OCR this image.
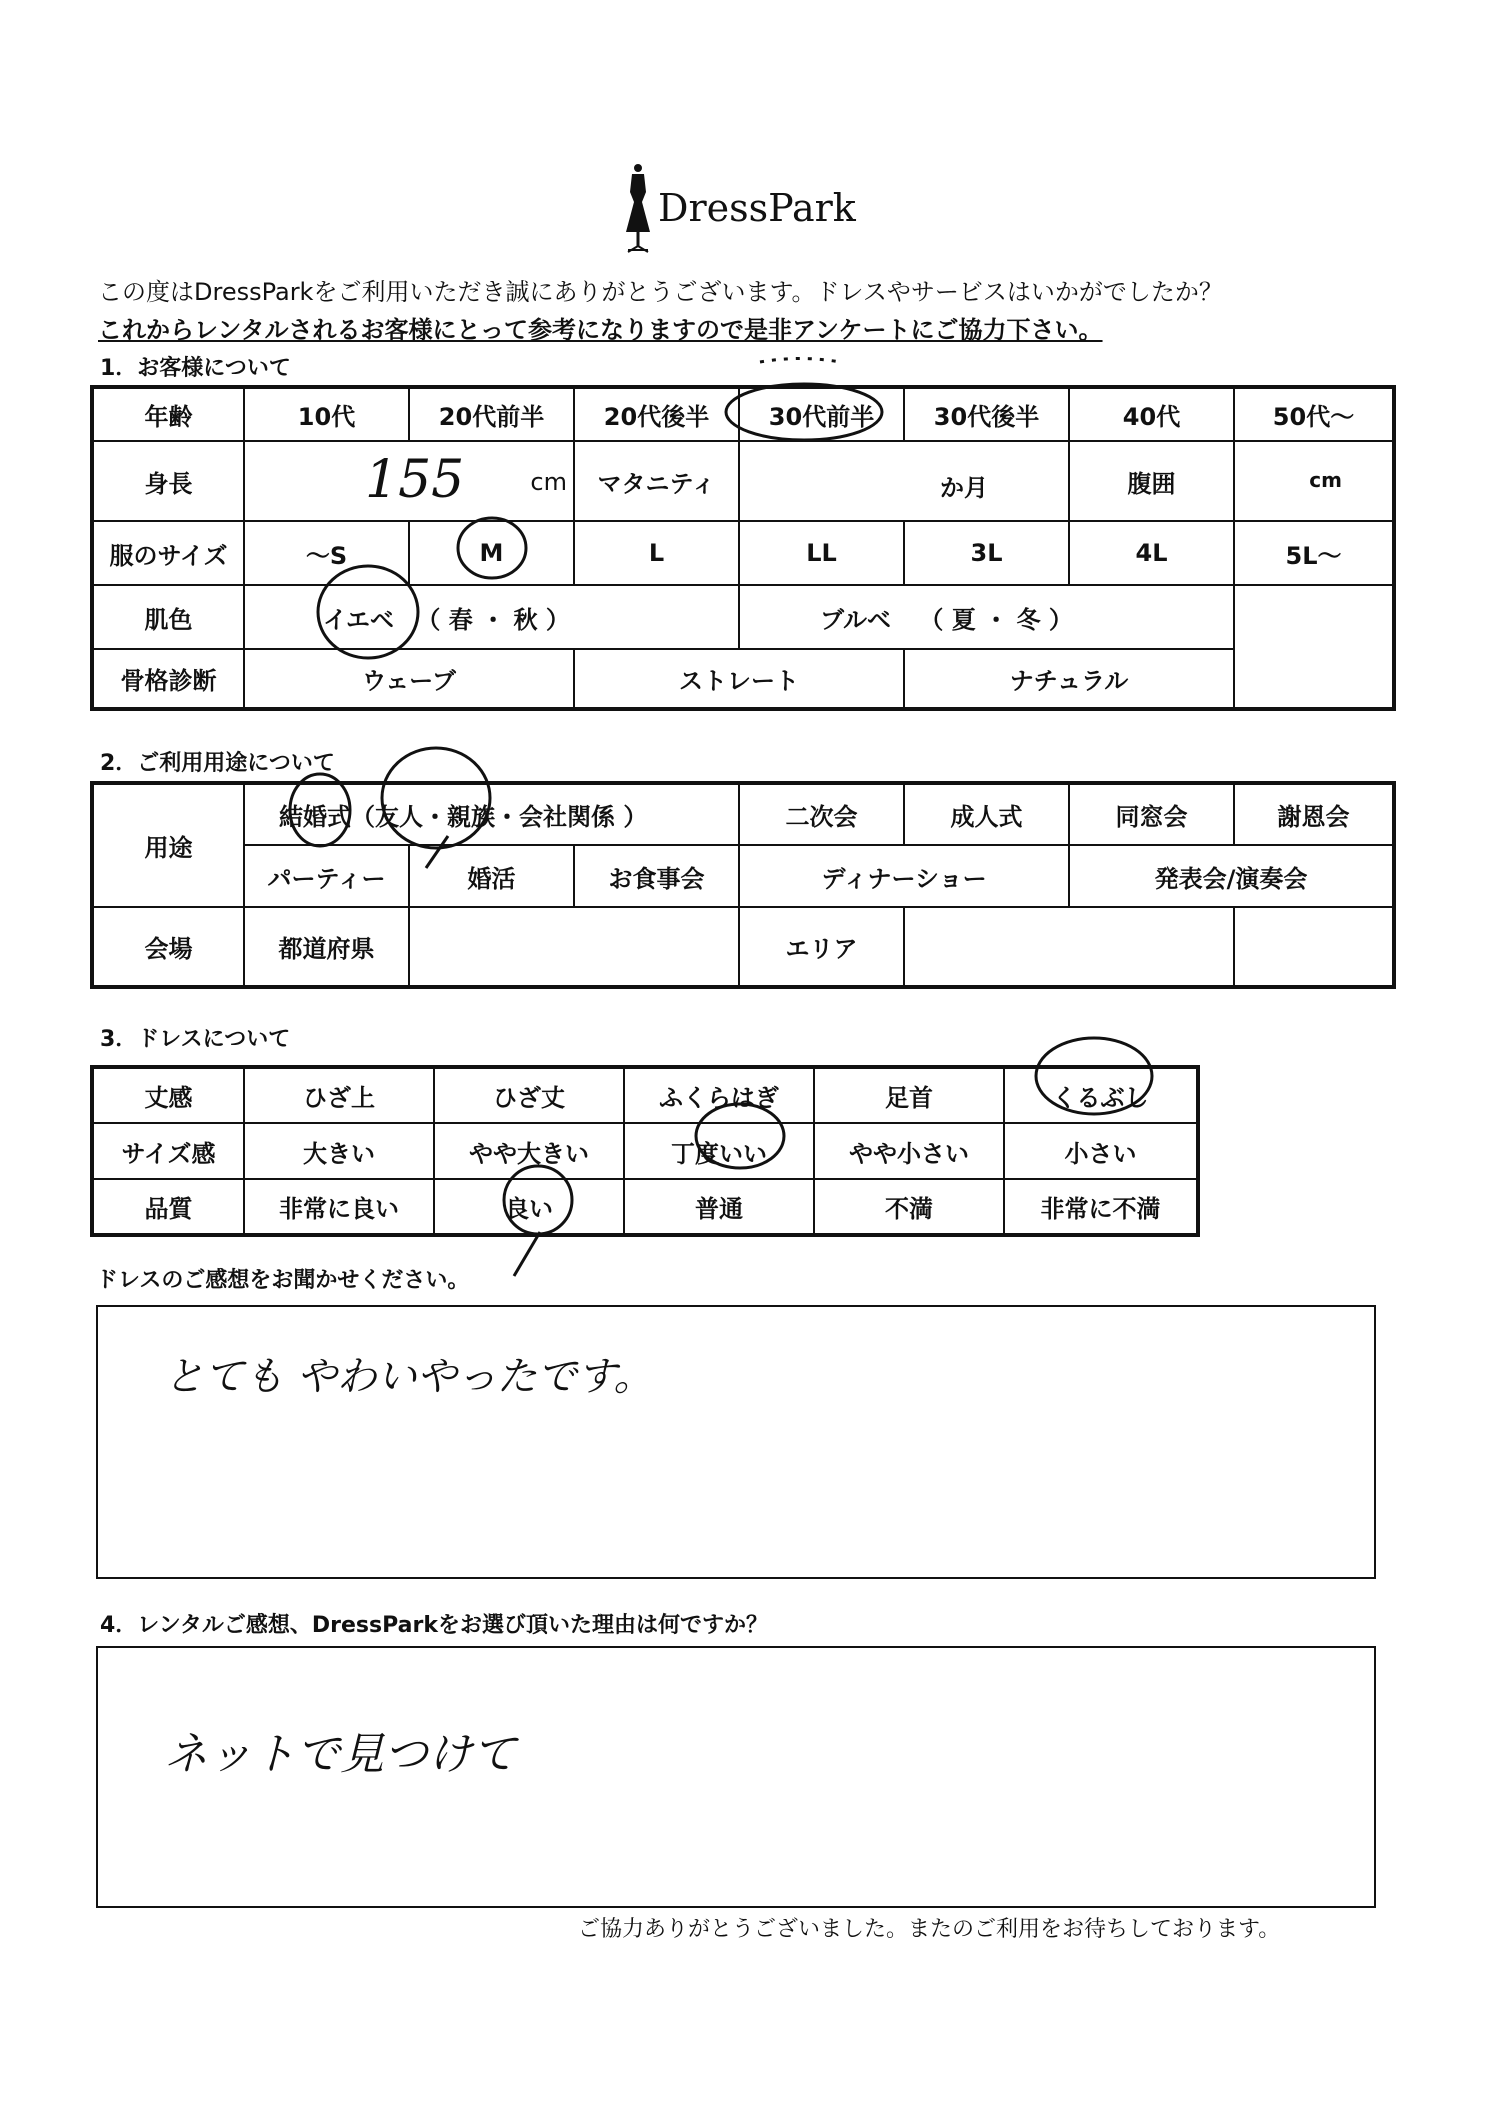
DressPark
この度はDressParkをご利用いただき誠にありがとうございます。ドレスやサービスはいかがでしたか？
これからレンタルされるお客様にとって参考になりますので是非アンケートにご協力下さい。
1．お客様について
年齢	10代	20代前半	20代後半	30代前半	30代後半	40代	50代～
身長	155 cm		マタニティ	か月		腹囲	cm

服のサイズ	～S	M	L	LL	3L	4L	5L～
肌色	イエベ （ 春 ・ 秋 ）			ブルベ （ 夏 ・ 冬 ）			
骨格診断	ウェーブ		ストレート		ナチュラル		
2．ご利用用途について
用途	結婚式（友人・親族・会社関係 ）			二次会	成人式	同窓会	謝恩会
	パーティー	婚活	お食事会	ディナーショー		発表会/演奏会	
会場	都道府県			エリア			
3．ドレスについて
丈感	ひざ上	ひざ丈	ふくらはぎ	足首	くるぶし
サイズ感	大きい	やや大きい	丁度いい	やや小さい	小さい
品質	非常に良い	良い	普通	不満	非常に不満
ドレスのご感想をお聞かせください。
とても やわいやったです。
4．レンタルご感想、DressParkをお選び頂いた理由は何ですか？
ネットで見つけて
ご協力ありがとうございました。またのご利用をお待ちしております。
